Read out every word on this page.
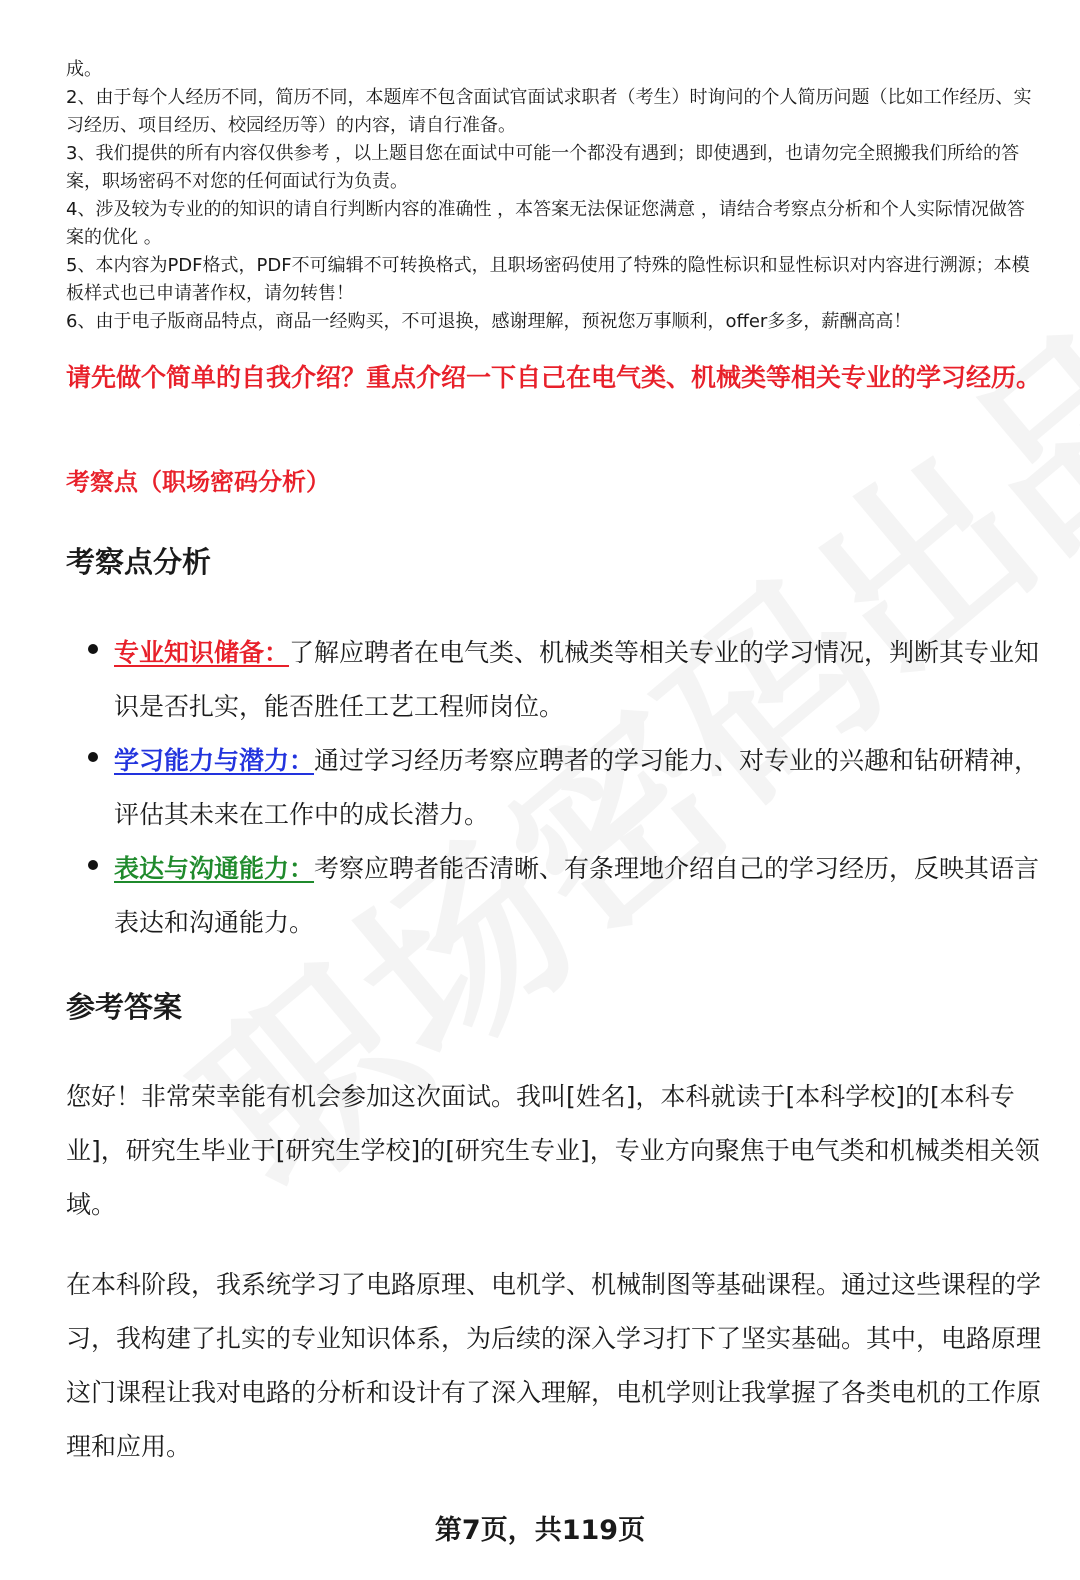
成。

2、由于每个人经历不同，简历不同，本题库不包含面试官面试求职者（考生）时询问的个人简历问题（比如工作经历、实习经历、项目经历、校园经历等）的内容，请自行准备。

3、我们提供的所有内容仅供参考 ，以上题目您在面试中可能一个都没有遇到；即使遇到，也请勿完全照搬我们所给的答案，职场密码不对您的任何面试行为负责。

4、涉及较为专业的的知识的请自行判断内容的准确性 ，本答案无法保证您满意 ，请结合考察点分析和个人实际情况做答案的优化 。

5、本内容为PDF格式，PDF不可编辑不可转换格式，且职场密码使用了特殊的隐性标识和显性标识对内容进行溯源；本模板样式也已申请著作权，请勿转售！

6、由于电子版商品特点，商品一经购买，不可退换，感谢理解，预祝您万事顺利，offer多多，薪酬高高！

请先做个简单的自我介绍？重点介绍一下自己在电气类、机械类等相关专业的学习经历。

考察点（职场密码分析）

考察点分析
专业知识储备：了解应聘者在电气类、机械类等相关专业的学习情况，判断其专业知识是否扎实，能否胜任工艺工程师岗位。
学习能力与潜力：通过学习经历考察应聘者的学习能力、对专业的兴趣和钻研精神，评估其未来在工作中的成长潜力。
表达与沟通能力：考察应聘者能否清晰、有条理地介绍自己的学习经历，反映其语言表达和沟通能力。
参考答案

您好！非常荣幸能有机会参加这次面试。我叫[姓名]，本科就读于[本科学校]的[本科专业]，研究生毕业于[研究生学校]的[研究生专业]，专业方向聚焦于电气类和机械类相关领域。

在本科阶段，我系统学习了电路原理、电机学、机械制图等基础课程。通过这些课程的学习，我构建了扎实的专业知识体系，为后续的深入学习打下了坚实基础。其中，电路原理这门课程让我对电路的分析和设计有了深入理解，电机学则让我掌握了各类电机的工作原理和应用。

第7页，共119页
